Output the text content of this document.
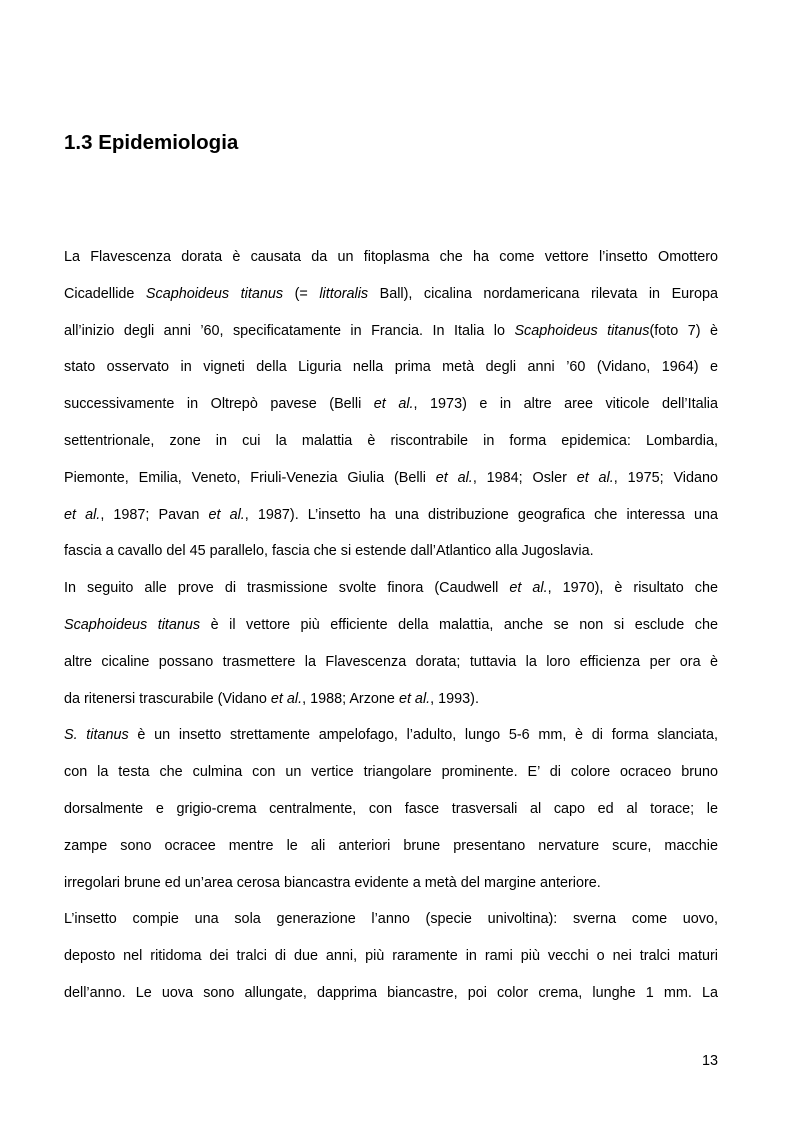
1.3 Epidemiologia
La Flavescenza dorata è causata da un fitoplasma che ha come vettore l’insetto Omottero
Cicadellide Scaphoideus titanus (= littoralis Ball), cicalina nordamericana rilevata in Europa
all’inizio degli anni ’60, specificatamente in Francia. In Italia lo Scaphoideus titanus(foto 7) è
stato osservato in vigneti della Liguria nella prima metà degli anni ’60 (Vidano, 1964) e
successivamente in Oltrepò pavese (Belli et al., 1973) e in altre aree viticole dell’Italia
settentrionale, zone in cui la malattia è riscontrabile in forma epidemica: Lombardia,
Piemonte, Emilia, Veneto, Friuli-Venezia Giulia (Belli et al., 1984; Osler et al., 1975; Vidano
et al., 1987; Pavan et al., 1987). L’insetto ha una distribuzione geografica che interessa una
fascia a cavallo del 45 parallelo, fascia che si estende dall’Atlantico alla Jugoslavia.
In seguito alle prove di trasmissione svolte finora (Caudwell et al., 1970), è risultato che
Scaphoideus titanus è il vettore più efficiente della malattia, anche se non si esclude che
altre cicaline possano trasmettere la Flavescenza dorata; tuttavia la loro efficienza per ora è
da ritenersi trascurabile (Vidano et al., 1988; Arzone et al., 1993).
S. titanus è un insetto strettamente ampelofago, l’adulto, lungo 5-6 mm, è di forma slanciata,
con la testa che culmina con un vertice triangolare prominente. E’ di colore ocraceo bruno
dorsalmente e grigio-crema centralmente, con fasce trasversali al capo ed al torace; le
zampe sono ocracee mentre le ali anteriori brune presentano nervature scure, macchie
irregolari brune ed un’area cerosa biancastra evidente a metà del margine anteriore.
L’insetto compie una sola generazione l’anno (specie univoltina): sverna come uovo,
deposto nel ritidoma dei tralci di due anni, più raramente in rami più vecchi o nei tralci maturi
dell’anno. Le uova sono allungate, dapprima biancastre, poi color crema, lunghe 1 mm. La
13
